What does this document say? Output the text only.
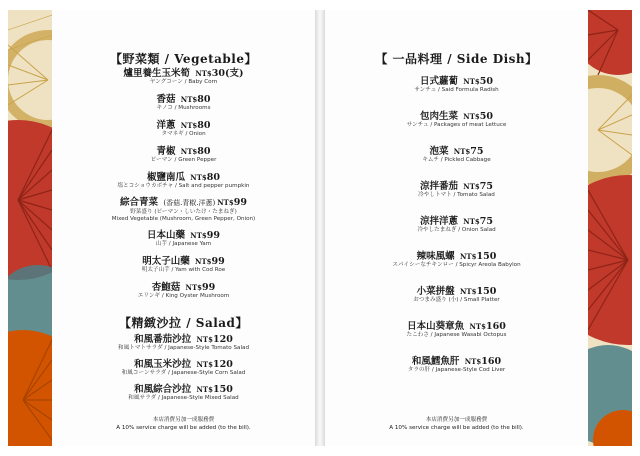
【野菜類 / Vegetable】
爐里養生玉米筍 NT$30(支)
ヤングコーン / Baby Corn
香菇 NT$80
キノコ / Mushrooms
洋蔥 NT$80
タマネギ / Onion
青椒 NT$80
ピーマン / Green Pepper
椒鹽南瓜 NT$80
塩とコショウカボチャ / Salt and pepper pumpkin
綜合青菜 (香菇.青椒.洋蔥) NT$99
野菜盛り (ピーマン・しいたけ・たまねぎ)
Mixed Vegetable (Mushroom, Green Pepper, Onion)
日本山藥 NT$99
山芋 / Japanese Yam
明太子山藥 NT$99
明太子山芋 / Yam with Cod Roe
杏鮑菇 NT$99
エリンギ / King Oyster Mushroom
【精緻沙拉 / Salad】
和風番茄沙拉 NT$120
和風トマトサラダ / Japanese-Style Tomato Salad
和風玉米沙拉 NT$120
和風コーンサラダ / Japanese-Style Corn Salad
和風綜合沙拉 NT$150
和風サラダ / Japanese-Style Mixed Salad
本店消費另加一成服務費
A 10% service charge will be added (to the bill).
【 一品料理 / Side Dish】
日式蘿蔔 NT$50
サンチュ / Said Formula Radish
包肉生菜 NT$50
サンチュ / Packages of meat Lettuce
泡菜 NT$75
キムチ / Pickled Cabbage
涼拌番茄 NT$75
冷やしトマト / Tomato Salad
涼拌洋蔥 NT$75
冷やしたまねぎ / Onion Salad
辣味風螺 NT$150
スパイシーなチキンロー / Spicyr Areola Babylon
小菜拼盤 NT$150
おつまみ盛り (小) / Small Platter
日本山葵章魚 NT$160
たこわさ / Japanese Wasabi Octopus
和風鱈魚肝 NT$160
タラの肝 / Japanese-Style Cod Liver
本店消費另加一成服務費
A 10% service charge will be added (to the bill).
